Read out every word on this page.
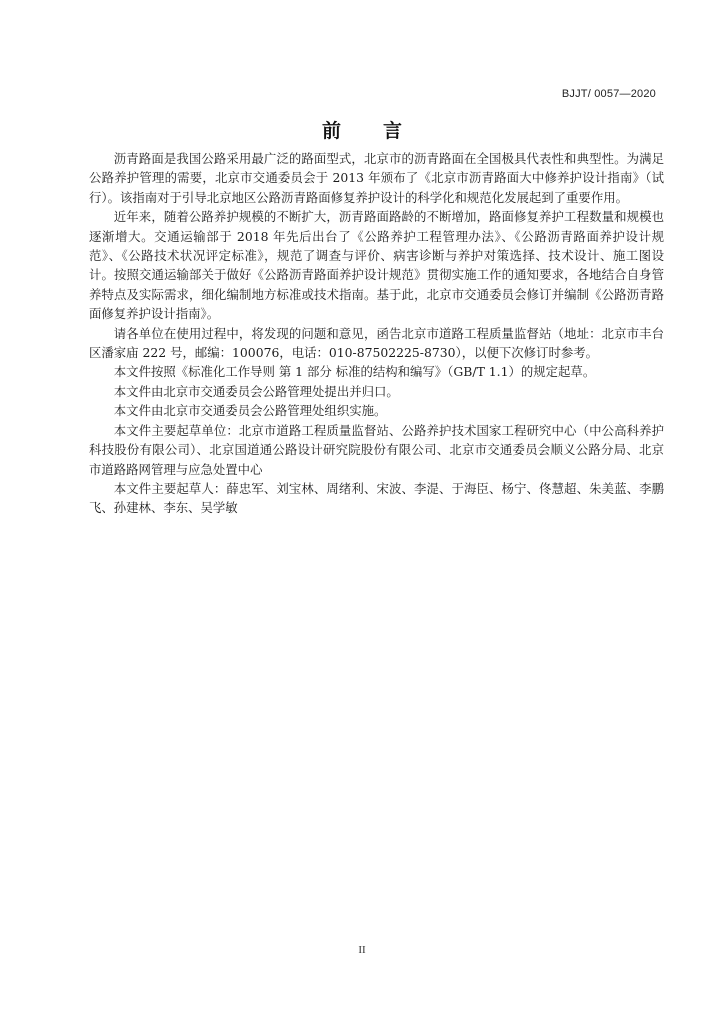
BJJT/ 0057—2020
前言

沥青路面是我国公路采用最广泛的路面型式，北京市的沥青路面在全国极具代表性和典型性。为满足公路养护管理的需要，北京市交通委员会于 2013 年颁布了《北京市沥青路面大中修养护设计指南》（试行）。该指南对于引导北京地区公路沥青路面修复养护设计的科学化和规范化发展起到了重要作用。

近年来，随着公路养护规模的不断扩大，沥青路面路龄的不断增加，路面修复养护工程数量和规模也逐渐增大。交通运输部于 2018 年先后出台了《公路养护工程管理办法》、《公路沥青路面养护设计规范》、《公路技术状况评定标准》，规范了调查与评价、病害诊断与养护对策选择、技术设计、施工图设计。按照交通运输部关于做好《公路沥青路面养护设计规范》贯彻实施工作的通知要求，各地结合自身管养特点及实际需求，细化编制地方标准或技术指南。基于此，北京市交通委员会修订并编制《公路沥青路面修复养护设计指南》。

请各单位在使用过程中，将发现的问题和意见，函告北京市道路工程质量监督站（地址：北京市丰台区潘家庙 222 号，邮编：100076，电话：010-87502225-8730），以便下次修订时参考。

本文件按照《标准化工作导则 第 1 部分 标准的结构和编写》（GB/T 1.1）的规定起草。

本文件由北京市交通委员会公路管理处提出并归口。

本文件由北京市交通委员会公路管理处组织实施。

本文件主要起草单位：北京市道路工程质量监督站、公路养护技术国家工程研究中心（中公高科养护科技股份有限公司）、北京国道通公路设计研究院股份有限公司、北京市交通委员会顺义公路分局、北京市道路路网管理与应急处置中心

本文件主要起草人：薛忠军、刘宝林、周绪利、宋波、李湜、于海臣、杨宁、佟慧超、朱美蓝、李鹏飞、孙建林、李东、吴学敏

II
